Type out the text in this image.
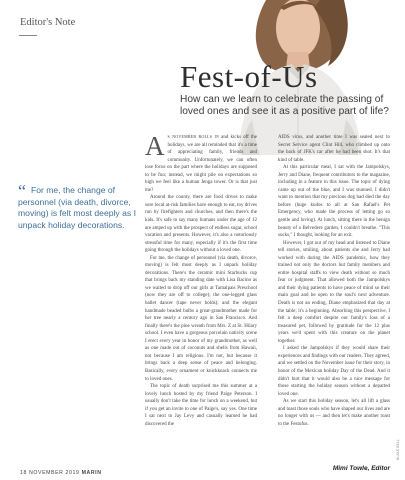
Editor's Note
Fest-of-Us

How can we learn to celebrate the passing of loved ones and see it as a positive part of life?

“ For me, the change of personnel (via death, divorce, moving) is felt most deeply as I unpack holiday decorations.

As november rolls in and kicks off the holidays, we are all reminded that it's a time of appreciating family, friends and community. Unfortunately, we can often lose focus on the part where the holidays are supposed to be fun; instead, we might pile on expectations so high we feel like a human Jenga tower. Or is that just me?

Around the county, there are food drives to make sure local at-risk families have enough to eat, toy drives run by firefighters and churches, and then there's the kids. It's safe to say many humans under the age of 12 are amped up with the prospect of endless sugar, school vacation and presents. However, it's also a notoriously stressful time for many, especially if it's the first time going through the holidays without a loved one.

For me, the change of personnel (via death, divorce, moving) is felt most deeply as I unpack holiday decorations. There's the ceramic mini Starbucks cup that brings back my standing date with Lisa Bacino as we waited to drop off our girls at Tamalpais Preschool (now they are off to college); the one-legged glass ballet dancer (tape never holds); and the elegant handmade beaded bulbs a great-grandmother made for her tree nearly a century ago in San Francisco. And finally there's the pine wreath from Mrs. Z at St. Hilary school. I even have a gorgeous porcelain nativity scene I erect every year in honor of my grandmother, as well as one made out of coconuts and shells from Hawaii, not because I am religious. I'm not, but because it brings back a deep sense of peace and belonging. Basically, every ornament or knickknack connects me to loved ones.

The topic of death surprised me this summer at a lovely lunch hosted by my friend Paige Peterson. I usually don't take the time for lunch on a weekend, but if you get an invite to one of Paige's, say yes. One time I sat next to Jay Levy and casually learned he had discovered the

AIDS virus, and another time I was seated next to Secret Service agent Clint Hill, who climbed up onto the back of JFK's car after he had been shot. It's that kind of table.

At this particular meal, I sat with the Jampolskys, Jerry and Diane, frequent contributors to the magazine, including in a feature in this issue. The topic of dying came up out of the blue, and I was stunned. I didn't want to mention that my precious dog had died the day before (huge kudos to all at San Rafael's Pet Emergency, who made the process of letting go so gentle and loving). At lunch, sitting there in the benign beauty of a Belvedere garden, I couldn't breathe. "This sucks," I thought, looking for an exit.

However, I got out of my head and listened to Diane tell stories, smiling, about patients she and Jerry had worked with during the AIDS pandemic, how they trained not only the doctors but family members and entire hospital staffs to view death without so much fear or judgment. That allowed both the Jampolskys and their dying patients to have peace of mind so their main goal and be open to the soul's next adventure. Death is not an ending, Diane emphasized that day at the table; it's a beginning. Absorbing this perspective, I felt a deep comfort despite our family's loss of a treasured pet, followed by gratitude for the 12 plus years we'd spent with this creature on the planet together.

I asked the Jampolskys if they would share their experiences and findings with our readers. They agreed, and we settled on the November issue for their story, in honor of the Mexican holiday Day of the Dead. And it didn't hurt that it would also be a nice message for those starting the holiday season without a departed loved one.

As we start this holiday season, let's all lift a glass and toast those souls who have shaped our lives and are no longer with us — and then let's make another toast to the Festofus.

Mimi Towle, Editor
BLAKE BELL
18 NOVEMBER 2019 MARIN
